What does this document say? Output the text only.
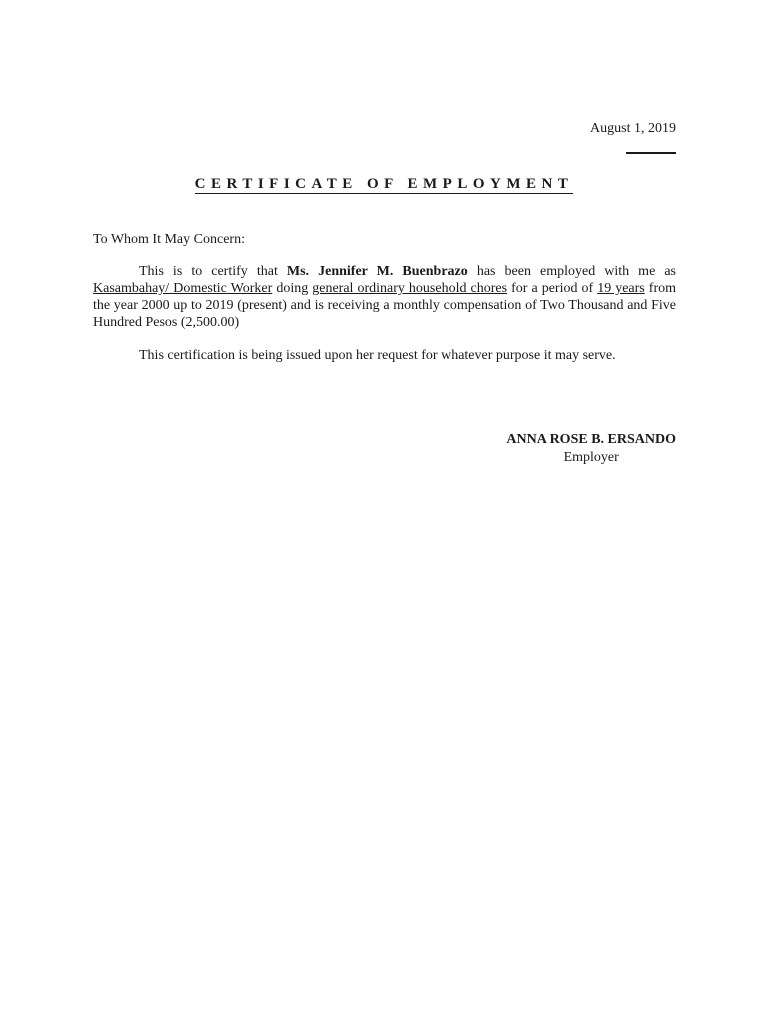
August 1, 2019
CERTIFICATE OF EMPLOYMENT
To Whom It May Concern:

This is to certify that Ms. Jennifer M. Buenbrazo has been employed with me as Kasambahay/ Domestic Worker doing general ordinary household chores for a period of 19 years from the year 2000 up to 2019 (present) and is receiving a monthly compensation of Two Thousand and Five Hundred Pesos (2,500.00)

This certification is being issued upon her request for whatever purpose it may serve.

ANNA ROSE B. ERSANDO
Employer
